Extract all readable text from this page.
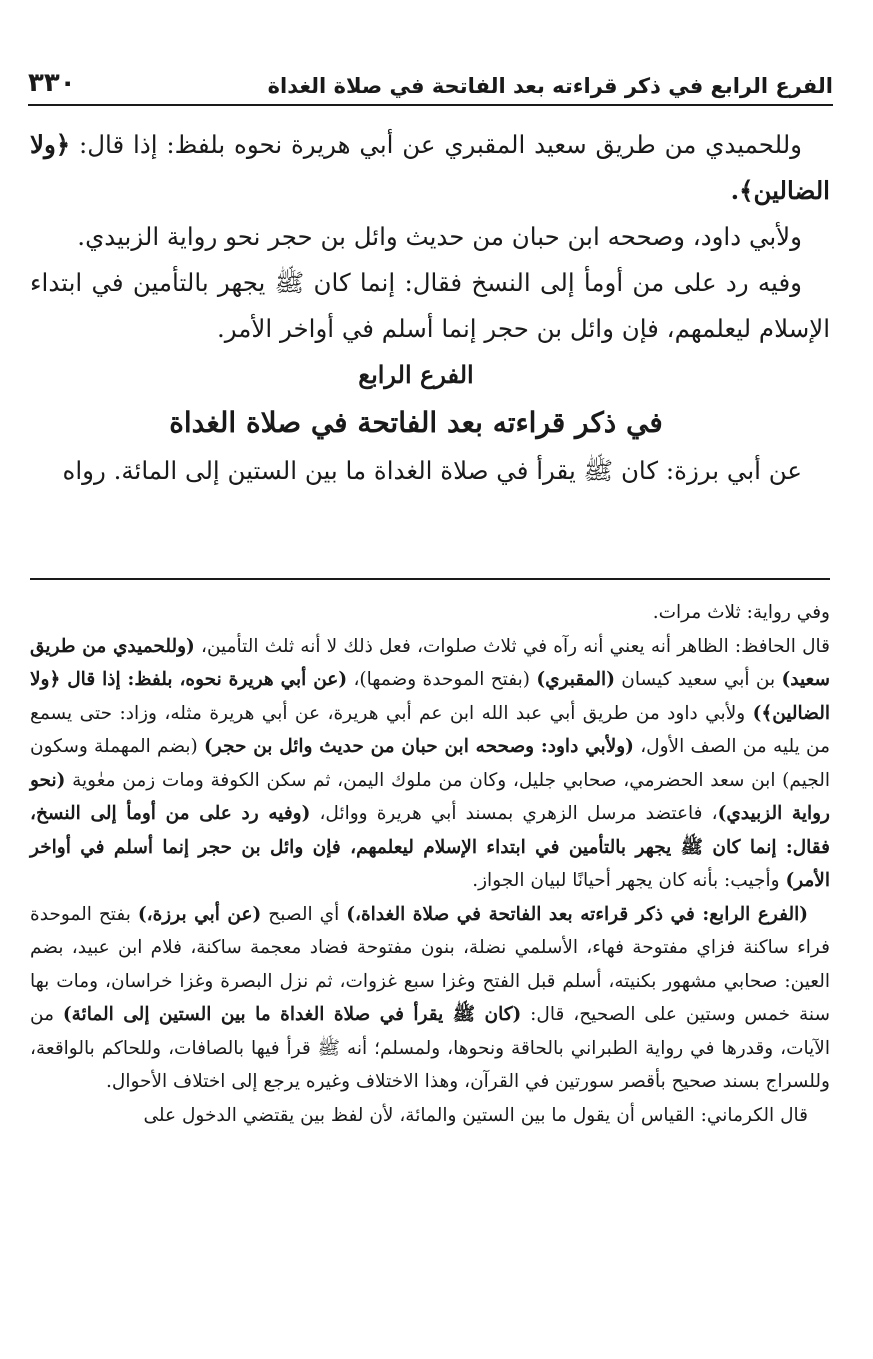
٣٣٠	الفرع الرابع في ذكر قراءته بعد الفاتحة في صلاة الغداة

وللحميدي من طريق سعيد المقبري عن أبي هريرة نحوه بلفظ: إذا قال: ﴿ولا الضالين﴾.

ولأبي داود، وصححه ابن حبان من حديث وائل بن حجر نحو رواية الزبيدي.

وفيه رد على من أومأ إلى النسخ فقال: إنما كان ﷺ يجهر بالتأمين في ابتداء الإسلام ليعلمهم، فإن وائل بن حجر إنما أسلم في أواخر الأمر.

الفرع الرابع

في ذكر قراءته بعد الفاتحة في صلاة الغداة

عن أبي برزة: كان ﷺ يقرأ في صلاة الغداة ما بين الستين إلى المائة. رواه

وفي رواية: ثلاث مرات.

قال الحافظ: الظاهر أنه يعني أنه رآه في ثلاث صلوات، فعل ذلك لا أنه ثلث التأمين، (وللحميدي من طريق سعيد) بن أبي سعيد كيسان (المقبري) (بفتح الموحدة وضمها)، (عن أبي هريرة نحوه، بلفظ: إذا قال ﴿ولا الضالين﴾) ولأبي داود من طريق أبي عبد الله ابن عم أبي هريرة، عن أبي هريرة مثله، وزاد: حتى يسمع من يليه من الصف الأول، (ولأبي داود: وصححه ابن حبان من حديث وائل بن حجر) (بضم المهملة وسكون الجيم) ابن سعد الحضرمي، صحابي جليل، وكان من ملوك اليمن، ثم سكن الكوفة ومات زمن معٰوية (نحو رواية الزبيدي)، فاعتضد مرسل الزهري بمسند أبي هريرة ووائل، (وفيه رد على من أومأ إلى النسخ، فقال: إنما كان ﷺ يجهر بالتأمين في ابتداء الإسلام ليعلمهم، فإن وائل بن حجر إنما أسلم في أواخر الأمر) وأجيب: بأنه كان يجهر أحيانًا لبيان الجواز.

(الفرع الرابع: في ذكر قراءته بعد الفاتحة في صلاة الغداة،) أي الصبح (عن أبي برزة،) بفتح الموحدة فراء ساكنة فزاي مفتوحة فهاء، الأسلمي نضلة، بنون مفتوحة فضاد معجمة ساكنة، فلام ابن عبيد، بضم العين: صحابي مشهور بكنيته، أسلم قبل الفتح وغزا سبع غزوات، ثم نزل البصرة وغزا خراسان، ومات بها سنة خمس وستين على الصحيح، قال: (كان ﷺ يقرأ في صلاة الغداة ما بين الستين إلى المائة) من الآيات، وقدرها في رواية الطبراني بالحاقة ونحوها، ولمسلم؛ أنه ﷺ قرأ فيها بالصافات، وللحاكم بالواقعة، وللسراج بسند صحيح بأقصر سورتين في القرآن، وهذا الاختلاف وغيره يرجع إلى اختلاف الأحوال.

قال الكرماني: القياس أن يقول ما بين الستين والمائة، لأن لفظ بين يقتضي الدخول على
